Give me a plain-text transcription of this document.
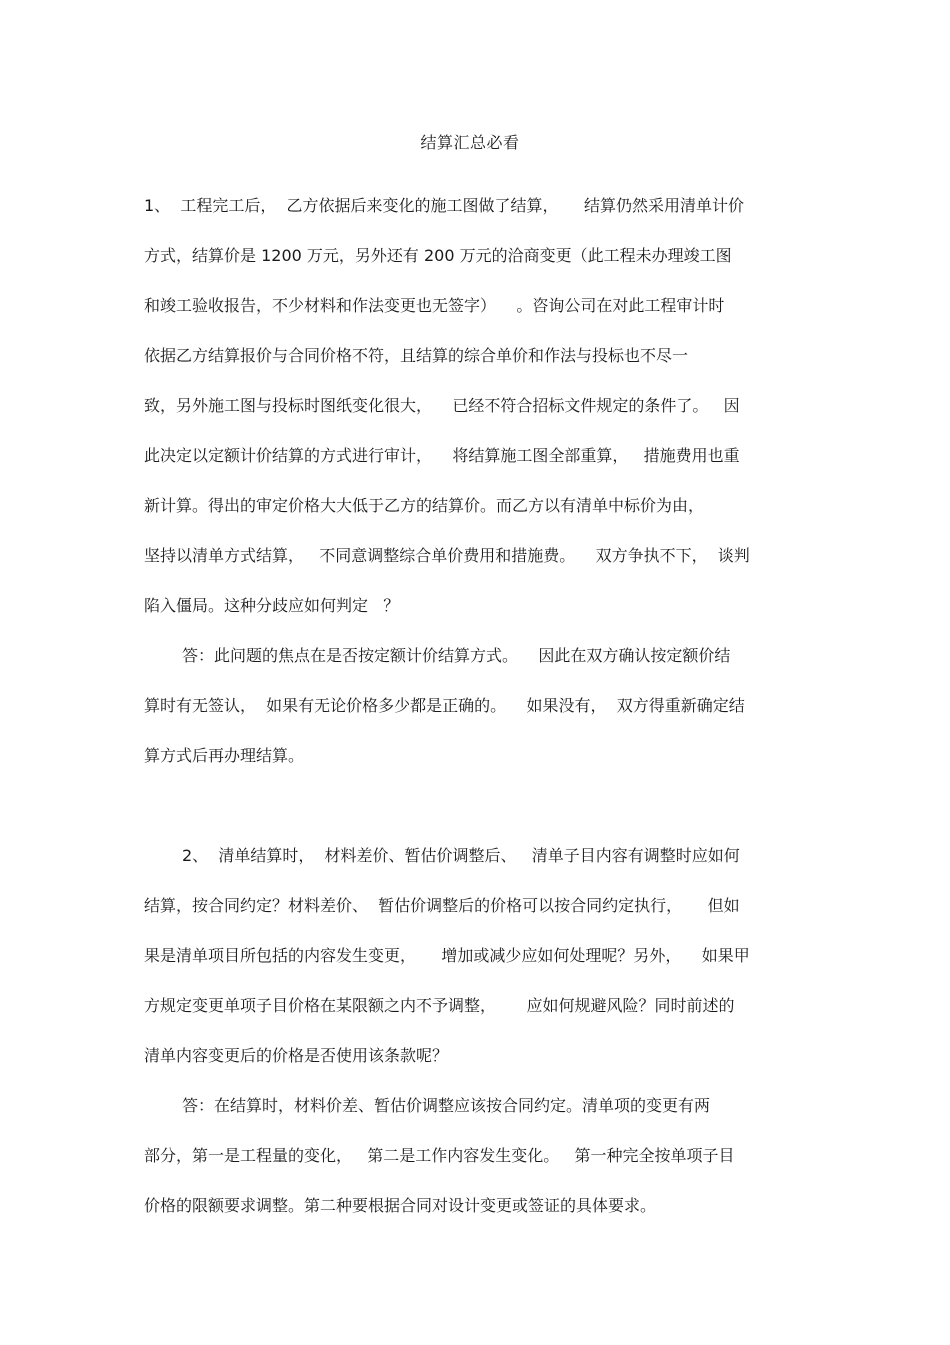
结算汇总必看
1、  工程完工后，  乙方依据后来变化的施工图做了结算，     结算仍然采用清单计价
方式，结算价是 1200 万元，另外还有 200 万元的洽商变更（此工程未办理竣工图
和竣工验收报告，不少材料和作法变更也无签字）    。咨询公司在对此工程审计时
依据乙方结算报价与合同价格不符，且结算的综合单价和作法与投标也不尽一
致，另外施工图与投标时图纸变化很大，    已经不符合招标文件规定的条件了。   因
此决定以定额计价结算的方式进行审计，    将结算施工图全部重算，   措施费用也重
新计算。得出的审定价格大大低于乙方的结算价。而乙方以有清单中标价为由，
坚持以清单方式结算，   不同意调整综合单价费用和措施费。    双方争执不下，  谈判
陷入僵局。这种分歧应如何判定   ？
答：此问题的焦点在是否按定额计价结算方式。    因此在双方确认按定额价结
算时有无签认，  如果有无论价格多少都是正确的。    如果没有，  双方得重新确定结
算方式后再办理结算。
2、  清单结算时，  材料差价、暂估价调整后、   清单子目内容有调整时应如何
结算，按合同约定？材料差价、  暂估价调整后的价格可以按合同约定执行，     但如
果是清单项目所包括的内容发生变更，     增加或减少应如何处理呢？另外，    如果甲
方规定变更单项子目价格在某限额之内不予调整，      应如何规避风险？同时前述的
清单内容变更后的价格是否使用该条款呢？
答：在结算时，材料价差、暂估价调整应该按合同约定。清单项的变更有两
部分，第一是工程量的变化，   第二是工作内容发生变化。   第一种完全按单项子目
价格的限额要求调整。第二种要根据合同对设计变更或签证的具体要求。
